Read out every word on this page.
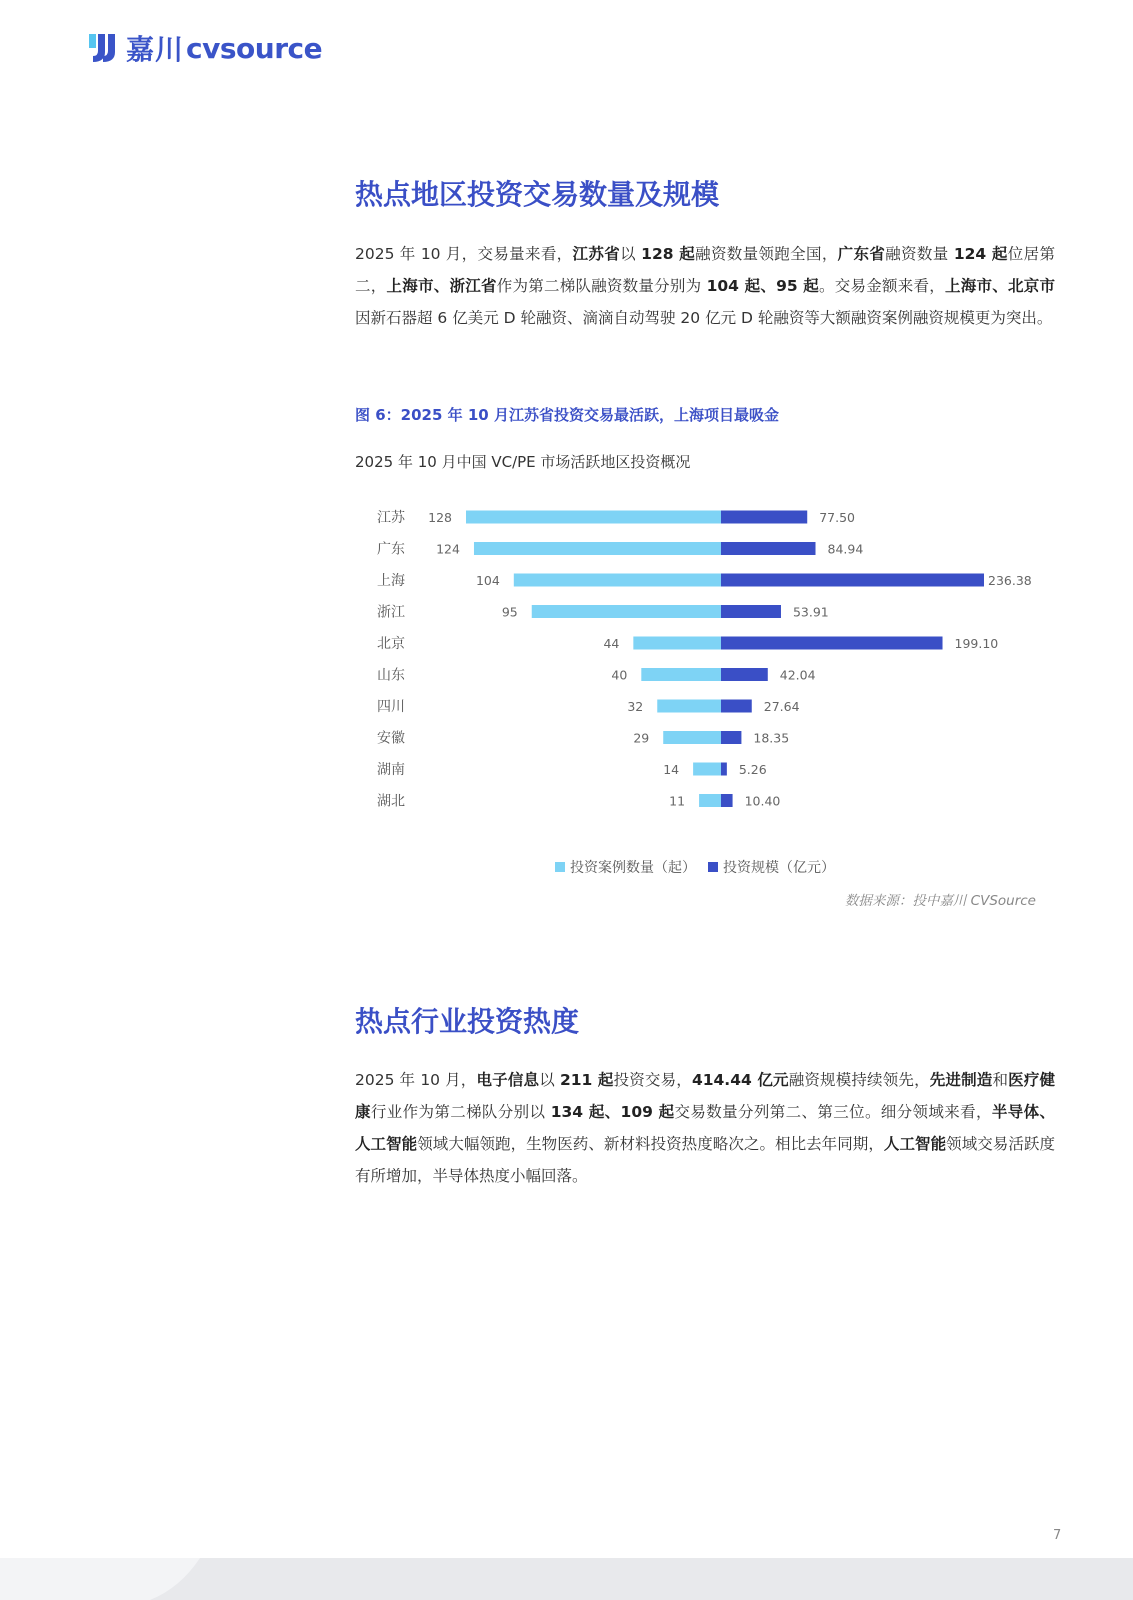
嘉川 cvsource
热点地区投资交易数量及规模

2025 年 10 月，交易量来看，江苏省以 128 起融资数量领跑全国，广东省融资数量 124 起位居第二，上海市、浙江省作为第二梯队融资数量分别为 104 起、95 起。交易金额来看，上海市、北京市因新石器超 6 亿美元 D 轮融资、滴滴自动驾驶 20 亿元 D 轮融资等大额融资案例融资规模更为突出。

图 6：2025 年 10 月江苏省投资交易最活跃，上海项目最吸金

2025 年 10 月中国 VC/PE 市场活跃地区投资概况

江苏 128	77.50
广东 124	84.94
上海	104	236.38
浙江	95	53.91
北京	44	199.10
山东	40	42.04
四川	32	27.64
安徽	29	18.35
湖南	14	5.26
湖北	11	10.40
投资案例数量（起） 投资规模（亿元）

数据来源：投中嘉川 CVSource

热点行业投资热度

2025 年 10 月，电子信息以 211 起投资交易，414.44 亿元融资规模持续领先，先进制造和医疗健康行业作为第二梯队分别以 134 起、109 起交易数量分列第二、第三位。细分领域来看，半导体、人工智能领域大幅领跑，生物医药、新材料投资热度略次之。相比去年同期，人工智能领域交易活跃度有所增加，半导体热度小幅回落。

7
